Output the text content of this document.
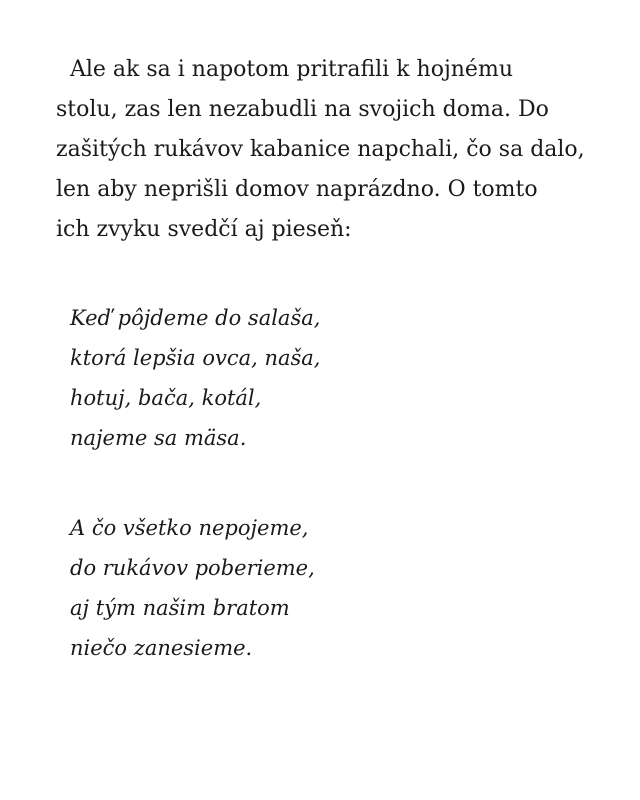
Ale ak sa i napotom pritrafili k hojnému
stolu, zas len nezabudli na svojich doma. Do
zašitých rukávov kabanice napchali, čo sa dalo,
len aby neprišli domov naprázdno. O tomto
ich zvyku svedčí aj pieseň:

Keď pôjdeme do salaša,
ktorá lepšia ovca, naša,
hotuj, bača, kotál,
najeme sa mäsa.
A čo všetko nepojeme,
do rukávov poberieme,
aj tým našim bratom
niečo zanesieme.
